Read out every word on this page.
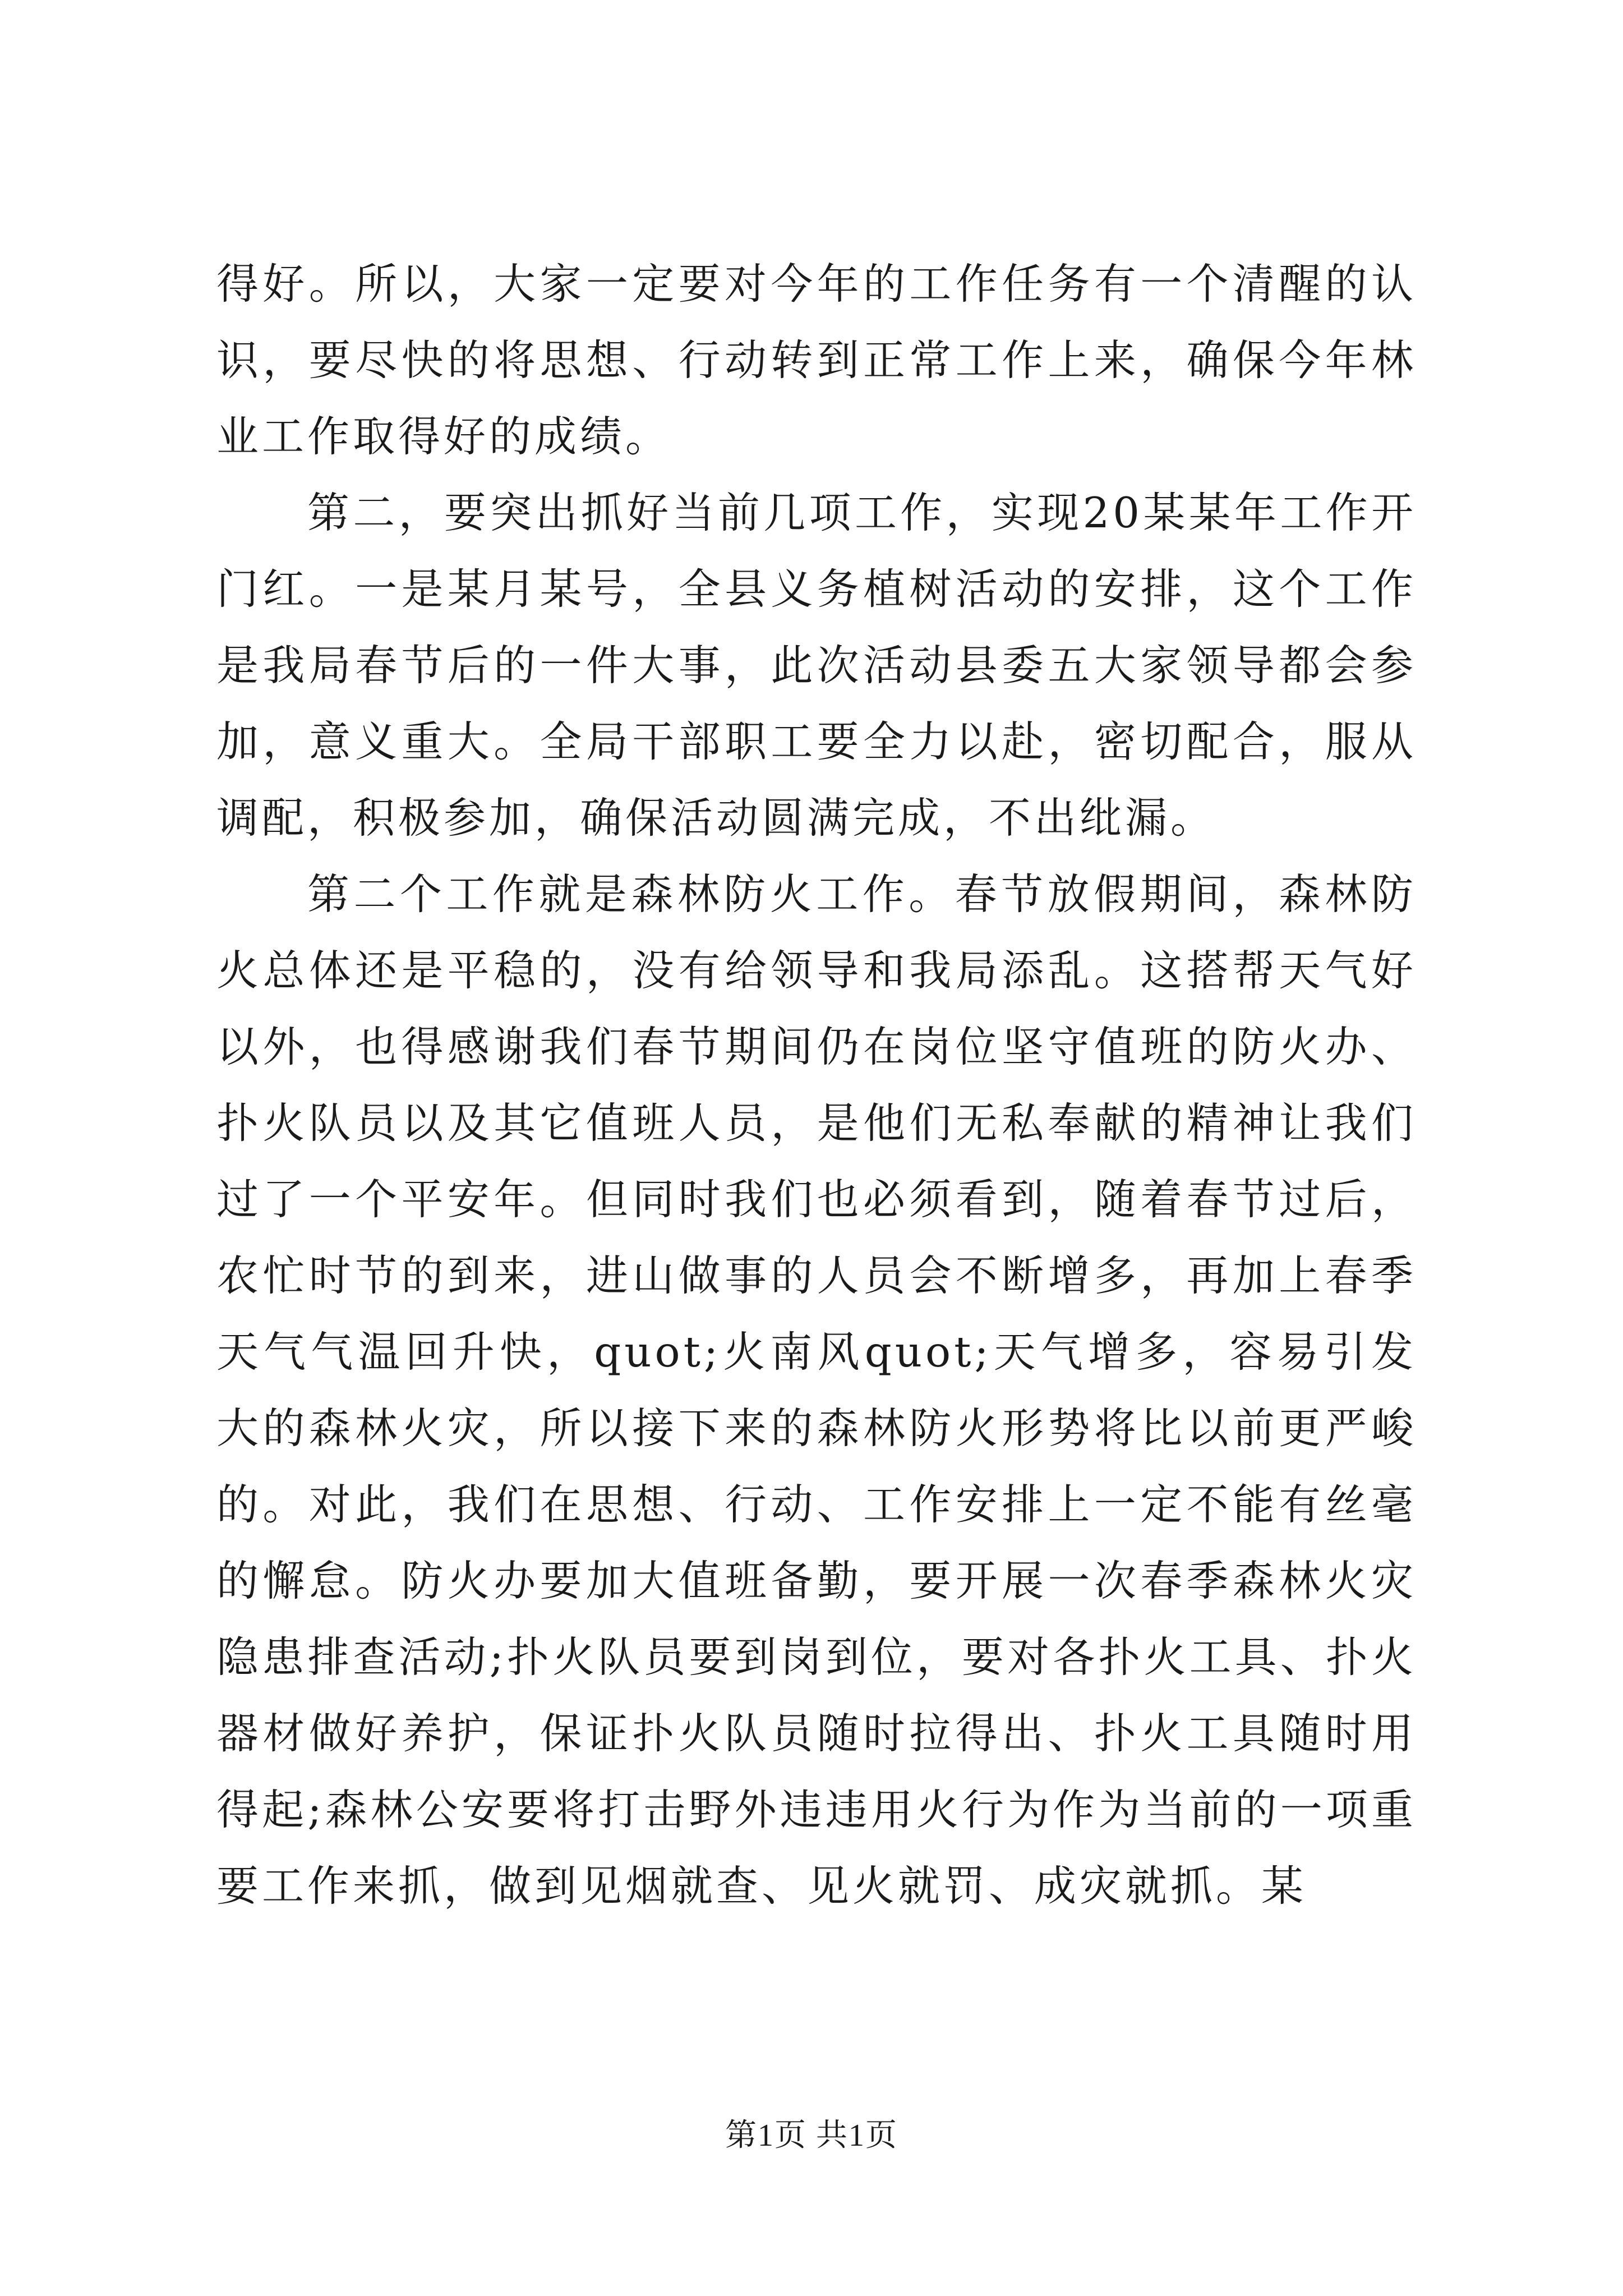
得好。所以，大家一定要对今年的工作任务有一个清醒的认识，要尽快的将思想、行动转到正常工作上来，确保今年林业工作取得好的成绩。

第二，要突出抓好当前几项工作，实现20某某年工作开门红。一是某月某号，全县义务植树活动的安排，这个工作是我局春节后的一件大事，此次活动县委五大家领导都会参加，意义重大。全局干部职工要全力以赴，密切配合，服从调配，积极参加，确保活动圆满完成，不出纰漏。

第二个工作就是森林防火工作。春节放假期间，森林防火总体还是平稳的，没有给领导和我局添乱。这搭帮天气好以外，也得感谢我们春节期间仍在岗位坚守值班的防火办、扑火队员以及其它值班人员，是他们无私奉献的精神让我们过了一个平安年。但同时我们也必须看到，随着春节过后，农忙时节的到来，进山做事的人员会不断增多，再加上春季天气气温回升快，quot;火南风quot;天气增多，容易引发大的森林火灾，所以接下来的森林防火形势将比以前更严峻的。对此，我们在思想、行动、工作安排上一定不能有丝毫的懈怠。防火办要加大值班备勤，要开展一次春季森林火灾隐患排查活动;扑火队员要到岗到位，要对各扑火工具、扑火器材做好养护，保证扑火队员随时拉得出、扑火工具随时用得起;森林公安要将打击野外违违用火行为作为当前的一项重要工作来抓，做到见烟就查、见火就罚、成灾就抓。某

第1页 共1页
